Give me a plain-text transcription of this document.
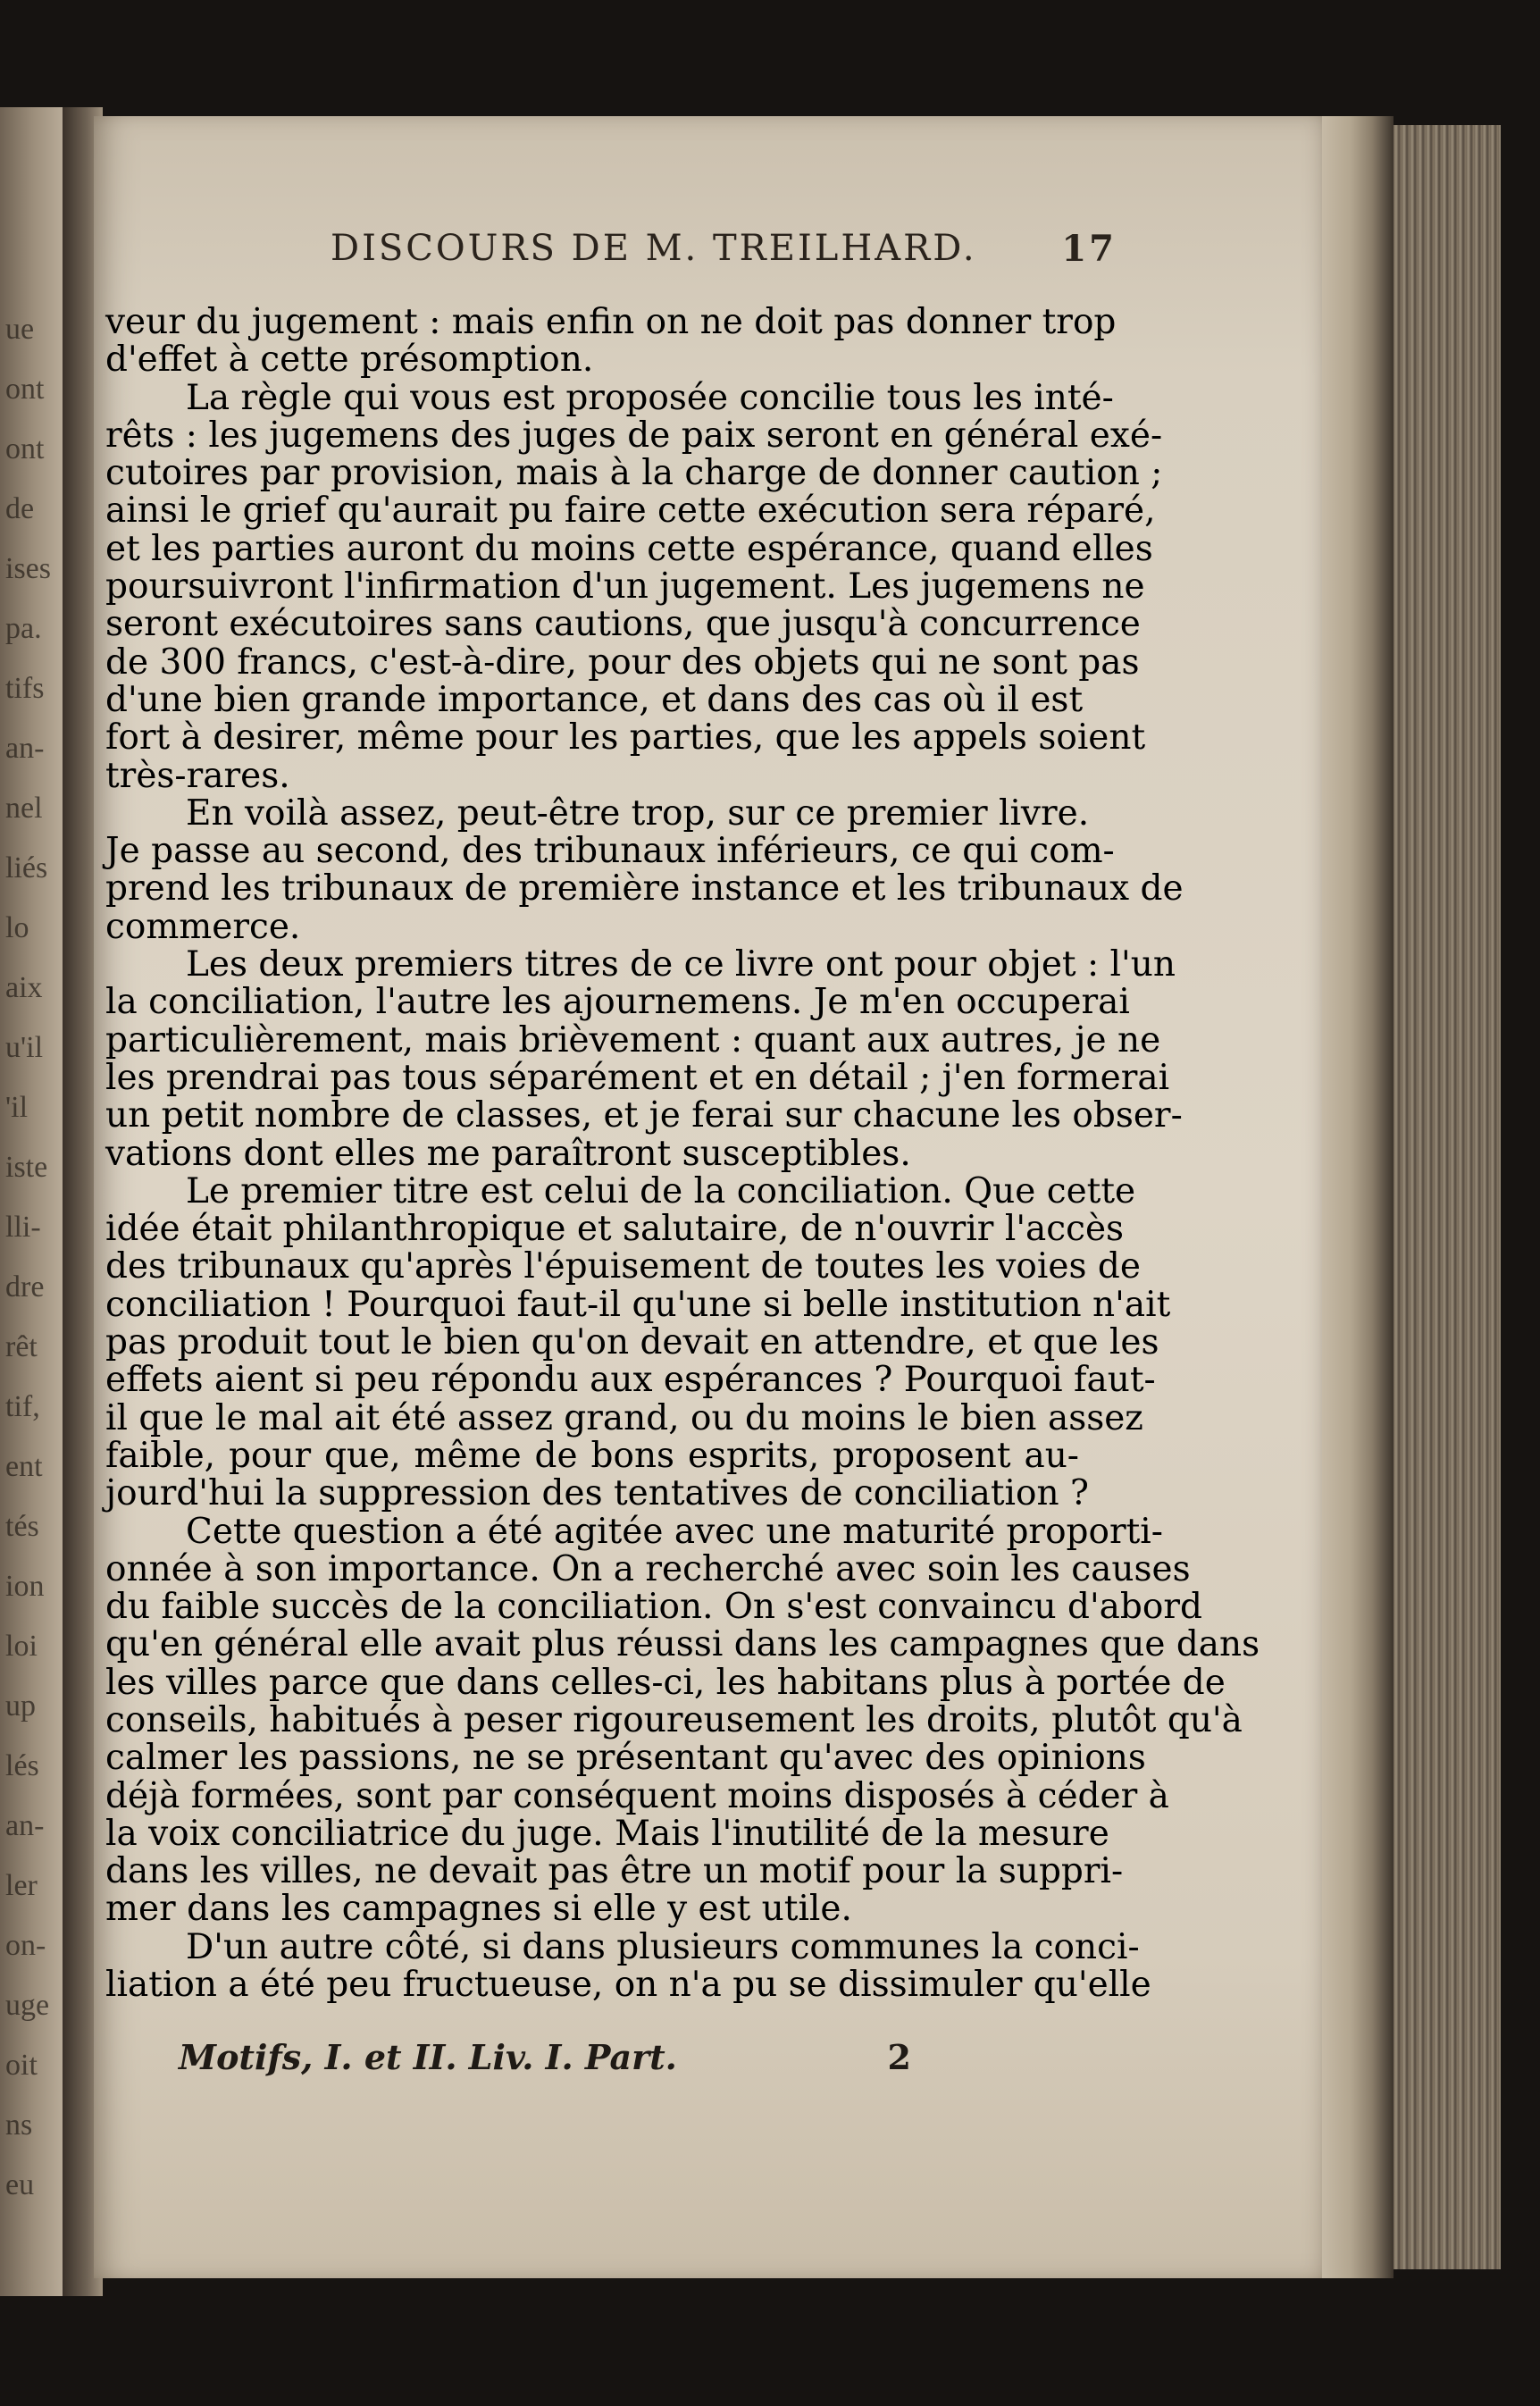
ue
ont
ont
de
ises
pa.
tifs
an-
nel
liés
lo
aix
u'il
'il
iste
lli-
dre
rêt
tif,
ent
tés
ion
loi
up
lés
an-
ler
on-
uge
oit
ns
eu
DISCOURS DE M. TREILHARD. 17
veur du jugement : mais enfin on ne doit pas donner trop
d'effet à cette présomption.
La règle qui vous est proposée concilie tous les inté-
rêts : les jugemens des juges de paix seront en général exé-
cutoires par provision, mais à la charge de donner caution ;
ainsi le grief qu'aurait pu faire cette exécution sera réparé,
et les parties auront du moins cette espérance, quand elles
poursuivront l'infirmation d'un jugement. Les jugemens ne
seront exécutoires sans cautions, que jusqu'à concurrence
de 300 francs, c'est-à-dire, pour des objets qui ne sont pas
d'une bien grande importance, et dans des cas où il est
fort à desirer, même pour les parties, que les appels soient
très-rares.
En voilà assez, peut-être trop, sur ce premier livre.
Je passe au second, des tribunaux inférieurs, ce qui com-
prend les tribunaux de première instance et les tribunaux de
commerce.
Les deux premiers titres de ce livre ont pour objet : l'un
la conciliation, l'autre les ajournemens. Je m'en occuperai
particulièrement, mais brièvement : quant aux autres, je ne
les prendrai pas tous séparément et en détail ; j'en formerai
un petit nombre de classes, et je ferai sur chacune les obser-
vations dont elles me paraîtront susceptibles.
Le premier titre est celui de la conciliation. Que cette
idée était philanthropique et salutaire, de n'ouvrir l'accès
des tribunaux qu'après l'épuisement de toutes les voies de
conciliation ! Pourquoi faut-il qu'une si belle institution n'ait
pas produit tout le bien qu'on devait en attendre, et que les
effets aient si peu répondu aux espérances ? Pourquoi faut-
il que le mal ait été assez grand, ou du moins le bien assez
faible, pour que, même de bons esprits, proposent au-
jourd'hui la suppression des tentatives de conciliation ?
Cette question a été agitée avec une maturité proporti-
onnée à son importance. On a recherché avec soin les causes
du faible succès de la conciliation. On s'est convaincu d'abord
qu'en général elle avait plus réussi dans les campagnes que dans
les villes parce que dans celles-ci, les habitans plus à portée de
conseils, habitués à peser rigoureusement les droits, plutôt qu'à
calmer les passions, ne se présentant qu'avec des opinions
déjà formées, sont par conséquent moins disposés à céder à
la voix conciliatrice du juge. Mais l'inutilité de la mesure
dans les villes, ne devait pas être un motif pour la suppri-
mer dans les campagnes si elle y est utile.
D'un autre côté, si dans plusieurs communes la conci-
liation a été peu fructueuse, on n'a pu se dissimuler qu'elle
Motifs, I. et II. Liv. I. Part.	2
